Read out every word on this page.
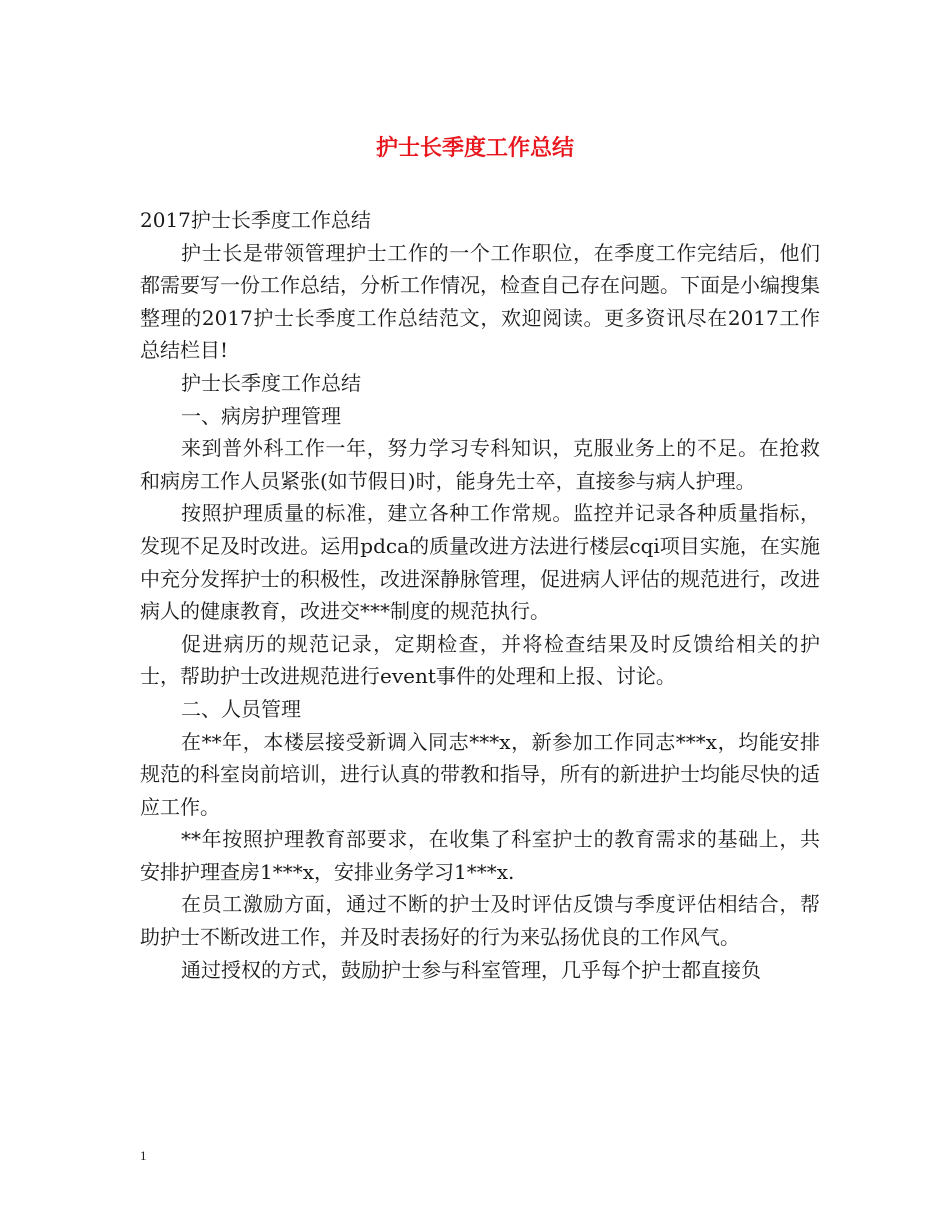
护士长季度工作总结

2017护士长季度工作总结

护士长是带领管理护士工作的一个工作职位，在季度工作完结后，他们都需要写一份工作总结，分析工作情况，检查自己存在问题。下面是小编搜集整理的2017护士长季度工作总结范文，欢迎阅读。更多资讯尽在2017工作总结栏目!

护士长季度工作总结

一、病房护理管理

来到普外科工作一年，努力学习专科知识，克服业务上的不足。在抢救和病房工作人员紧张(如节假日)时，能身先士卒，直接参与病人护理。

按照护理质量的标准，建立各种工作常规。监控并记录各种质量指标，发现不足及时改进。运用pdca的质量改进方法进行楼层cqi项目实施，在实施中充分发挥护士的积极性，改进深静脉管理，促进病人评估的规范进行，改进病人的健康教育，改进交***制度的规范执行。

促进病历的规范记录，定期检查，并将检查结果及时反馈给相关的护士，帮助护士改进规范进行event事件的处理和上报、讨论。

二、人员管理

在**年，本楼层接受新调入同志***x，新参加工作同志***x，均能安排规范的科室岗前培训，进行认真的带教和指导，所有的新进护士均能尽快的适应工作。

**年按照护理教育部要求，在收集了科室护士的教育需求的基础上，共安排护理查房1***x，安排业务学习1***x.

在员工激励方面，通过不断的护士及时评估反馈与季度评估相结合，帮助护士不断改进工作，并及时表扬好的行为来弘扬优良的工作风气。

通过授权的方式，鼓励护士参与科室管理，几乎每个护士都直接负

1
